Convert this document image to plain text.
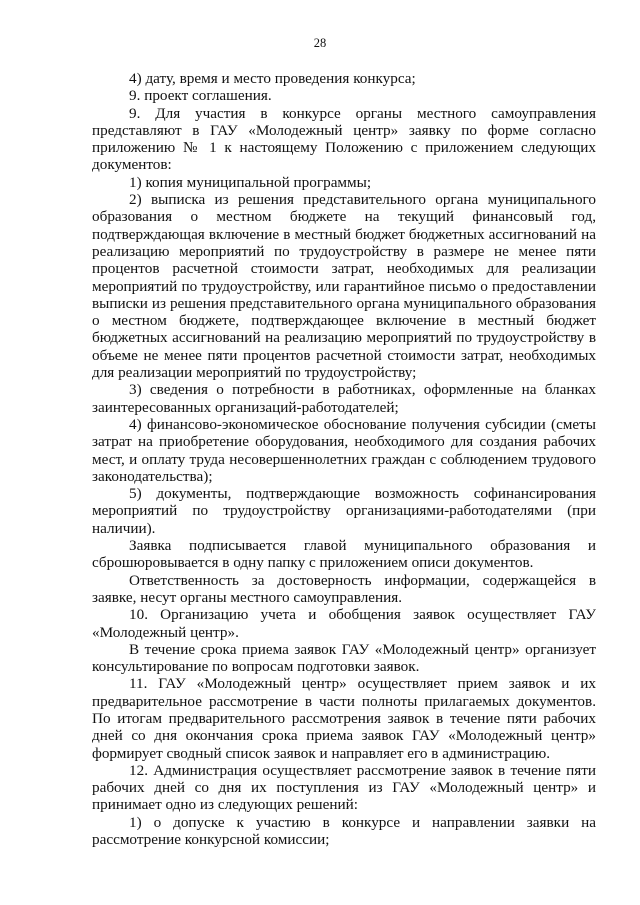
28

4) дату, время и место проведения конкурса;

9. проект соглашения.

9. Для участия в конкурсе органы местного самоуправления представляют в ГАУ «Молодежный центр» заявку по форме согласно приложению № 1 к настоящему Положению с приложением следующих документов:

1) копия муниципальной программы;

2) выписка из решения представительного органа муниципального образования о местном бюджете на текущий финансовый год, подтверждающая включение в местный бюджет бюджетных ассигнований на реализацию мероприятий по трудоустройству в размере не менее пяти процентов расчетной стоимости затрат, необходимых для реализации мероприятий по трудоустройству, или гарантийное письмо о предоставлении выписки из решения представительного органа муниципального образования о местном бюджете, подтверждающее включение в местный бюджет бюджетных ассигнований на реализацию мероприятий по трудоустройству в объеме не менее пяти процентов расчетной стоимости затрат, необходимых для реализации мероприятий по трудоустройству;

3) сведения о потребности в работниках, оформленные на бланках заинтересованных организаций-работодателей;

4) финансово-экономическое обоснование получения субсидии (сметы затрат на приобретение оборудования, необходимого для создания рабочих мест, и оплату труда несовершеннолетних граждан с соблюдением трудового законодательства);

5) документы, подтверждающие возможность софинансирования мероприятий по трудоустройству организациями-работодателями (при наличии).

Заявка подписывается главой муниципального образования и сброшюровывается в одну папку с приложением описи документов.

Ответственность за достоверность информации, содержащейся в заявке, несут органы местного самоуправления.

10. Организацию учета и обобщения заявок осуществляет ГАУ «Молодежный центр».

В течение срока приема заявок ГАУ «Молодежный центр» организует консультирование по вопросам подготовки заявок.

11. ГАУ «Молодежный центр» осуществляет прием заявок и их предварительное рассмотрение в части полноты прилагаемых документов. По итогам предварительного рассмотрения заявок в течение пяти рабочих дней со дня окончания срока приема заявок ГАУ «Молодежный центр» формирует сводный список заявок и направляет его в администрацию.

12. Администрация осуществляет рассмотрение заявок в течение пяти рабочих дней со дня их поступления из ГАУ «Молодежный центр» и принимает одно из следующих решений:

1) о допуске к участию в конкурсе и направлении заявки на рассмотрение конкурсной комиссии;
